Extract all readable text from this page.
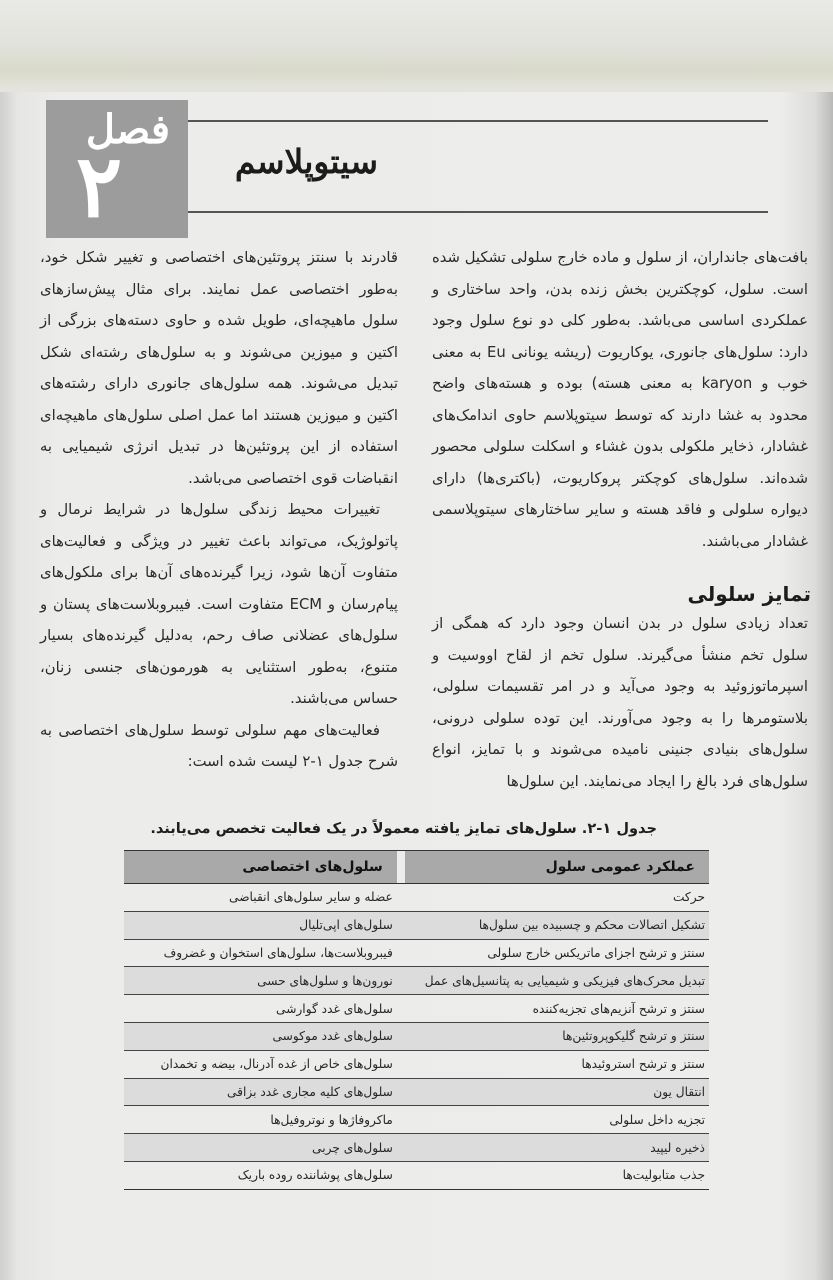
فصل
۲	سیتوپلاسم

بافت‌های جانداران، از سلول و ماده خارج سلولی تشکیل شده است. سلول، کوچکترین بخش زنده بدن، واحد ساختاری و عملکردی اساسی می‌باشد. به‌طور کلی دو نوع سلول وجود دارد: سلول‌های جانوری، یوکاریوت (ریشه یونانی Eu به معنی خوب و karyon به معنی هسته) بوده و هسته‌های واضح محدود به غشا دارند که توسط سیتوپلاسم حاوی اندامک‌های غشادار، ذخایر ملکولی بدون غشاء و اسکلت سلولی محصور شده‌اند. سلول‌های کوچکتر پروکاریوت، (باکتری‌ها) دارای دیواره سلولی و فاقد هسته و سایر ساختارهای سیتوپلاسمی غشادار می‌باشند.

تمایز سلولی

تعداد زیادی سلول در بدن انسان وجود دارد که همگی از سلول تخم منشأ می‌گیرند. سلول تخم از لقاح اووسیت و اسپرماتوزوئید به وجود می‌آید و در امر تقسیمات سلولی، بلاستومرها را به وجود می‌آورند. این توده سلولی درونی، سلول‌های بنیادی جنینی نامیده می‌شوند و با تمایز، انواع سلول‌های فرد بالغ را ایجاد می‌نمایند. این سلول‌ها

قادرند با سنتز پروتئین‌های اختصاصی و تغییر شکل خود، به‌طور اختصاصی عمل نمایند. برای مثال پیش‌سازهای سلول ماهیچه‌ای، طویل شده و حاوی دسته‌های بزرگی از اکتین و میوزین می‌شوند و به سلول‌های رشته‌ای شکل تبدیل می‌شوند. همه سلول‌های جانوری دارای رشته‌های اکتین و میوزین هستند اما عمل اصلی سلول‌های ماهیچه‌ای استفاده از این پروتئین‌ها در تبدیل انرژی شیمیایی به انقباضات قوی اختصاصی می‌باشد.

تغییرات محیط زندگی سلول‌ها در شرایط نرمال و پاتولوژیک، می‌تواند باعث تغییر در ویژگی و فعالیت‌های متفاوت آن‌ها شود، زیرا گیرنده‌های آن‌ها برای ملکول‌های پیام‌رسان و ECM متفاوت است. فیبروبلاست‌های پستان و سلول‌های عضلانی صاف رحم، به‌دلیل گیرنده‌های بسیار متنوع، به‌طور استثنایی به هورمون‌های جنسی زنان، حساس می‌باشند.

فعالیت‌های مهم سلولی توسط سلول‌های اختصاصی به شرح جدول ۱-۲ لیست شده است:

جدول ۱-۲. سلول‌های تمایز یافته معمولاً در یک فعالیت تخصص می‌یابند.
عملکرد عمومی سلول		سلول‌های اختصاصی
حرکت		عضله و سایر سلول‌های انقباضی
تشکیل اتصالات محکم و چسبیده بین سلول‌ها		سلول‌های اپی‌تلیال
سنتز و ترشح اجزای ماتریکس خارج سلولی		فیبروبلاست‌ها، سلول‌های استخوان و غضروف
تبدیل محرک‌های فیزیکی و شیمیایی به پتانسیل‌های عمل		نورون‌ها و سلول‌های حسی
سنتز و ترشح آنزیم‌های تجزیه‌کننده		سلول‌های غدد گوارشی
سنتز و ترشح گلیکوپروتئین‌ها		سلول‌های غدد موکوسی
سنتز و ترشح استروئیدها		سلول‌های خاص از غده آدرنال، بیضه و تخمدان
انتقال یون		سلول‌های کلیه مجاری غدد بزاقی
تجزیه داخل سلولی		ماکروفاژها و نوتروفیل‌ها
ذخیره لیپید		سلول‌های چربی
جذب متابولیت‌ها		سلول‌های پوشاننده روده باریک
